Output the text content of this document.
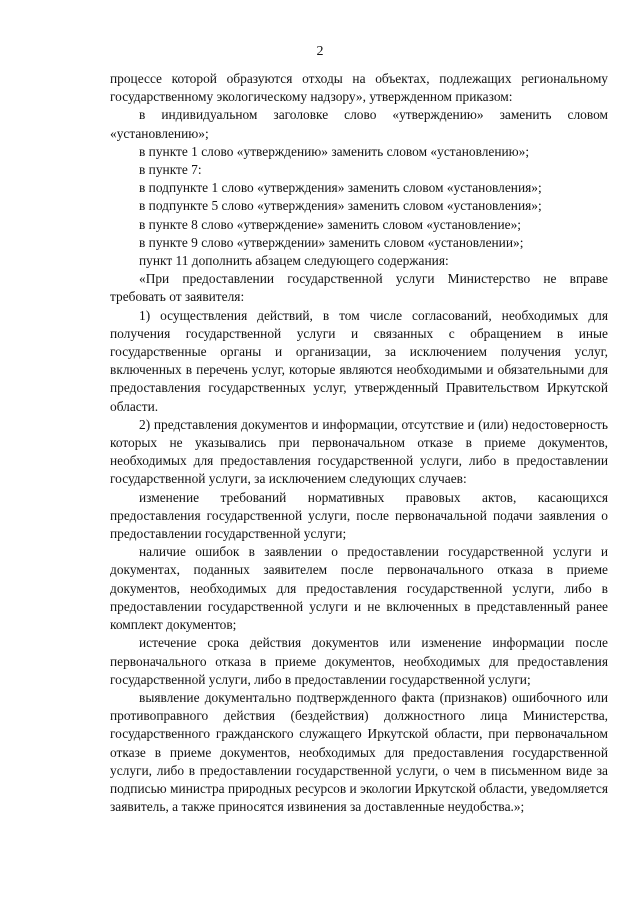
2

процессе которой образуются отходы на объектах, подлежащих региональному государственному экологическому надзору», утвержденном приказом:

в индивидуальном заголовке слово «утверждению» заменить словом «установлению»;

в пункте 1 слово «утверждению» заменить словом «установлению»;

в пункте 7:

в подпункте 1 слово «утверждения» заменить словом «установления»;

в подпункте 5 слово «утверждения» заменить словом «установления»;

в пункте 8 слово «утверждение» заменить словом «установление»;

в пункте 9 слово «утверждении» заменить словом «установлении»;

пункт 11 дополнить абзацем следующего содержания:

«При предоставлении государственной услуги Министерство не вправе требовать от заявителя:

1) осуществления действий, в том числе согласований, необходимых для получения государственной услуги и связанных с обращением в иные государственные органы и организации, за исключением получения услуг, включенных в перечень услуг, которые являются необходимыми и обязательными для предоставления государственных услуг, утвержденный Правительством Иркутской области.

2) представления документов и информации, отсутствие и (или) недостоверность которых не указывались при первоначальном отказе в приеме документов, необходимых для предоставления государственной услуги, либо в предоставлении государственной услуги, за исключением следующих случаев:

изменение требований нормативных правовых актов, касающихся предоставления государственной услуги, после первоначальной подачи заявления о предоставлении государственной услуги;

наличие ошибок в заявлении о предоставлении государственной услуги и документах, поданных заявителем после первоначального отказа в приеме документов, необходимых для предоставления государственной услуги, либо в предоставлении государственной услуги и не включенных в представленный ранее комплект документов;

истечение срока действия документов или изменение информации после первоначального отказа в приеме документов, необходимых для предоставления государственной услуги, либо в предоставлении государственной услуги;

выявление документально подтвержденного факта (признаков) ошибочного или противоправного действия (бездействия) должностного лица Министерства, государственного гражданского служащего Иркутской области, при первоначальном отказе в приеме документов, необходимых для предоставления государственной услуги, либо в предоставлении государственной услуги, о чем в письменном виде за подписью министра природных ресурсов и экологии Иркутской области, уведомляется заявитель, а также приносятся извинения за доставленные неудобства.»;
